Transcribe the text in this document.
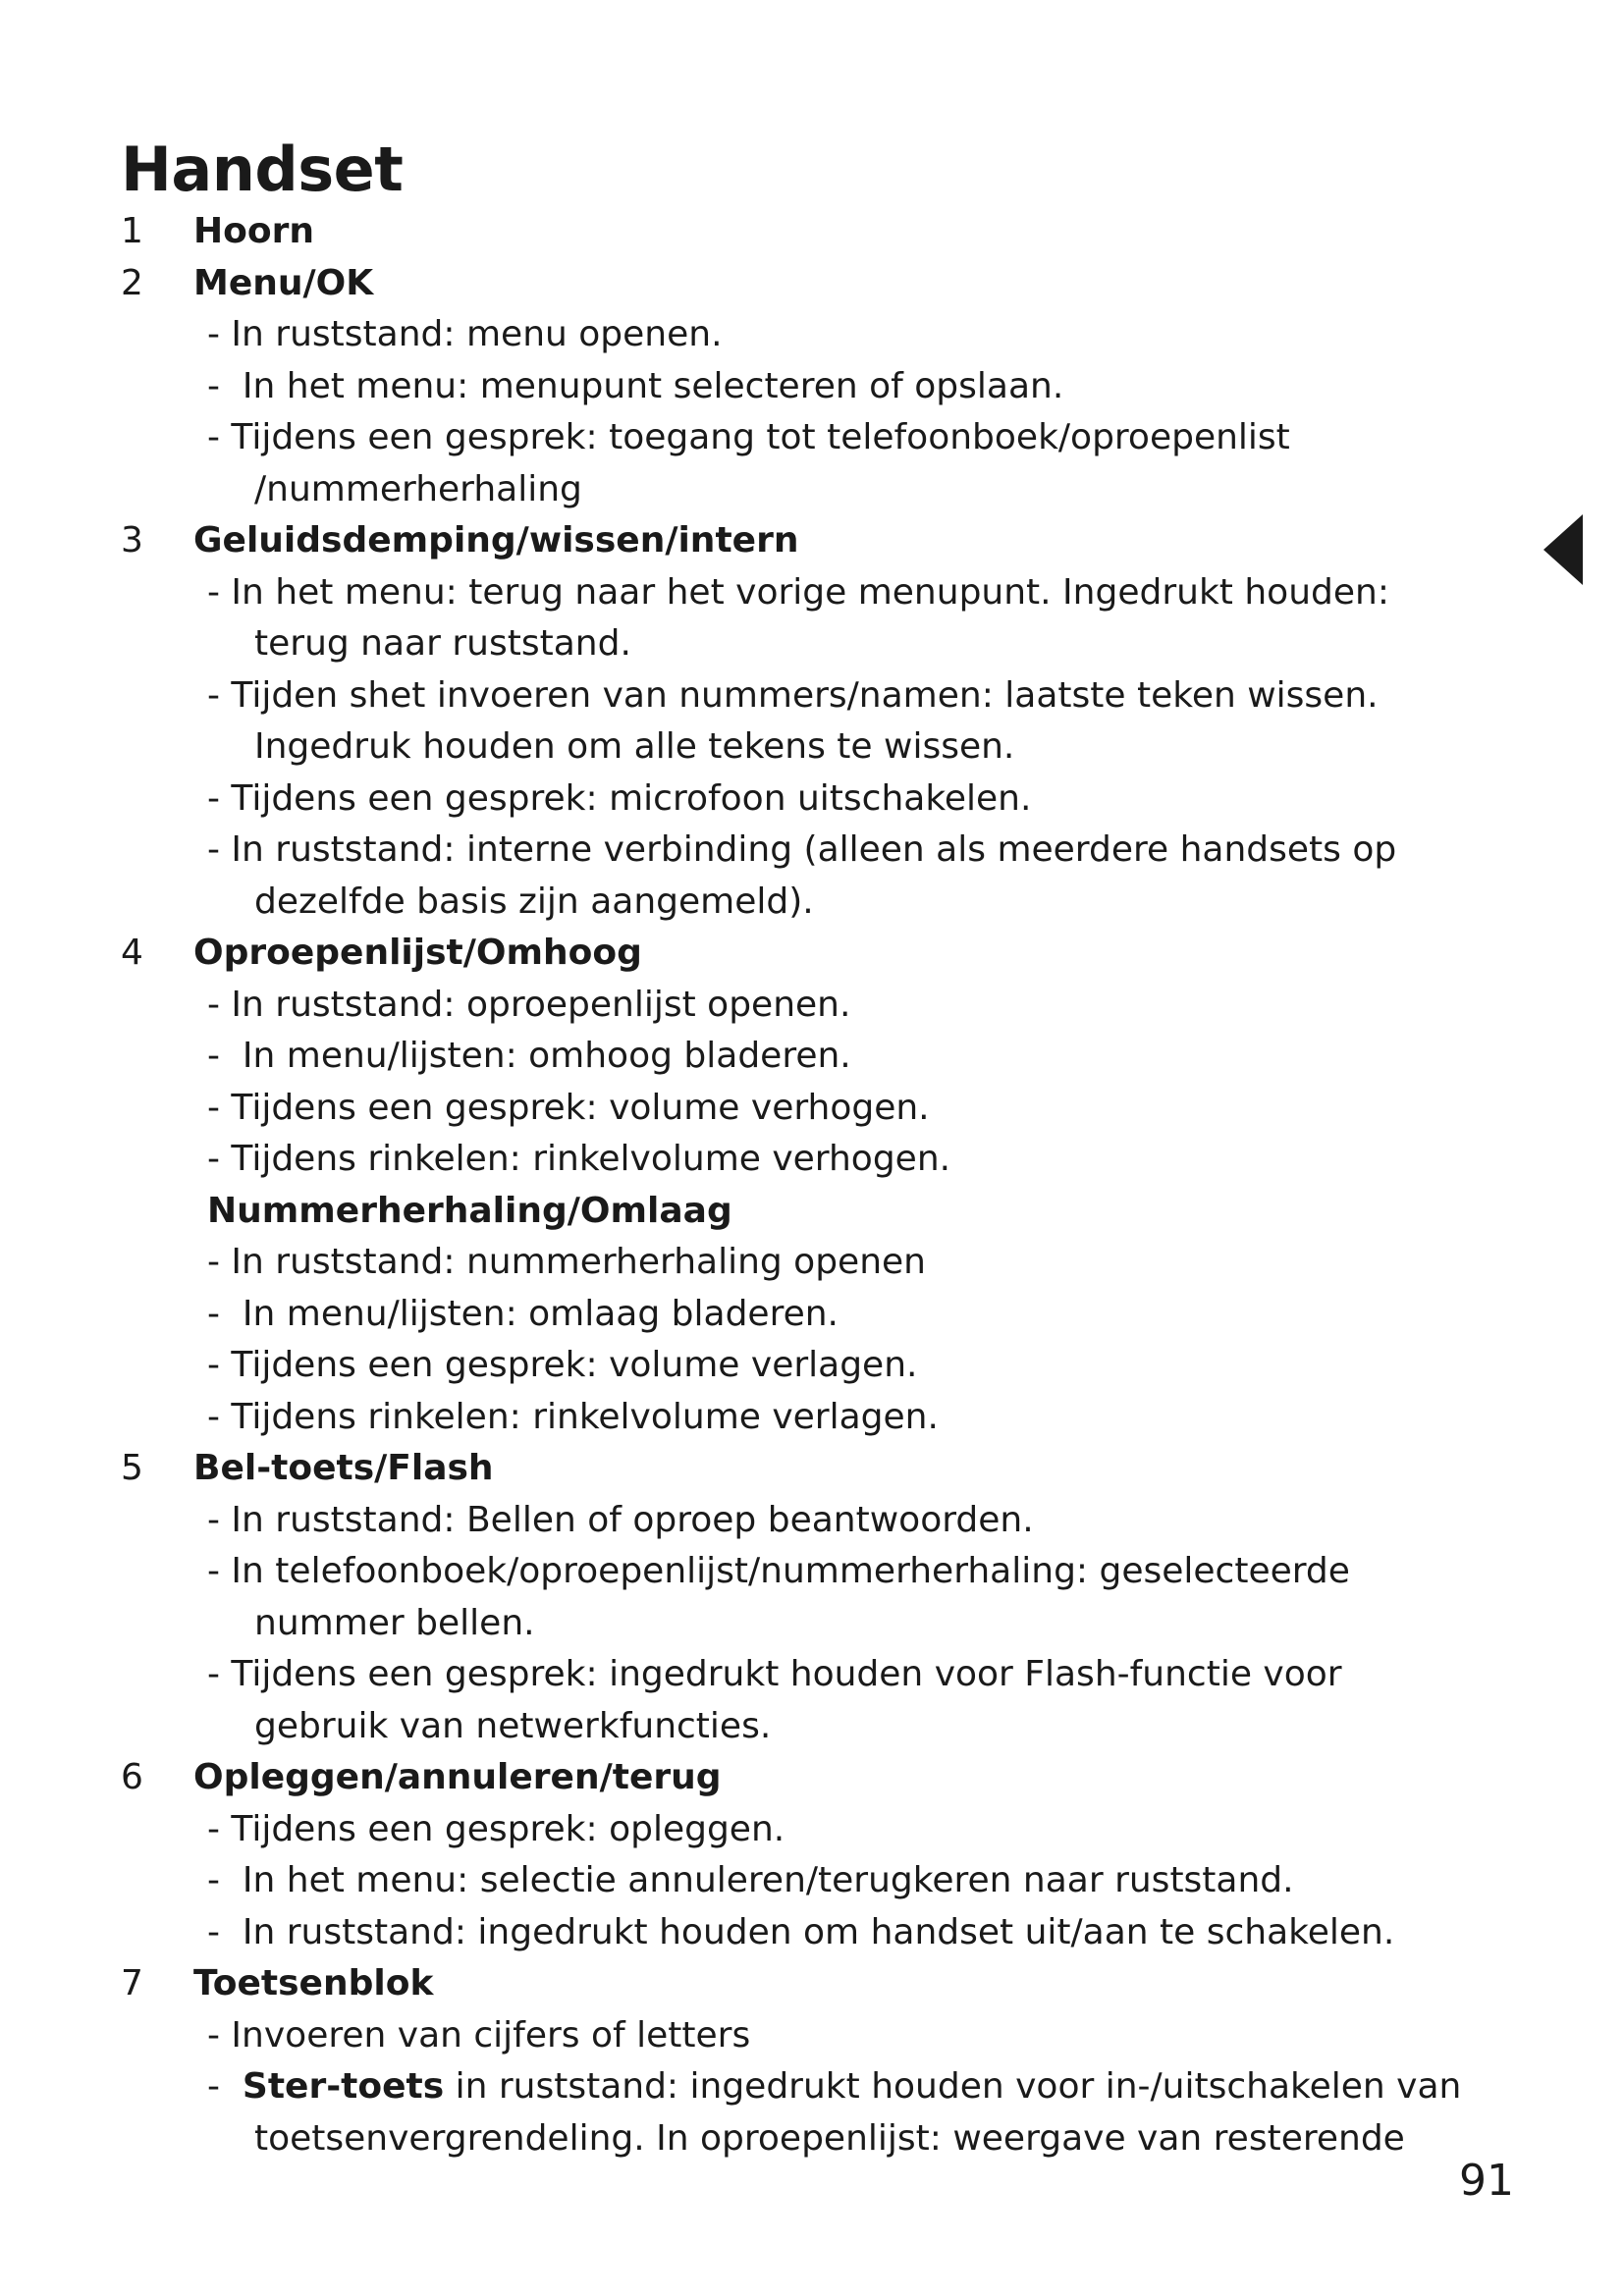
Handset
1 Hoorn
2 Menu/OK
- In ruststand: menu openen.
-  In het menu: menupunt selecteren of opslaan.
- Tijdens een gesprek: toegang tot telefoonboek/oproepenlist
/nummerherhaling
3 Geluidsdemping/wissen/intern
- In het menu: terug naar het vorige menupunt. Ingedrukt houden:
terug naar ruststand.
- Tijden shet invoeren van nummers/namen: laatste teken wissen.
Ingedruk houden om alle tekens te wissen.
- Tijdens een gesprek: microfoon uitschakelen.
- In ruststand: interne verbinding (alleen als meerdere handsets op
dezelfde basis zijn aangemeld).
4 Oproepenlijst/Omhoog
- In ruststand: oproepenlijst openen.
-  In menu/lijsten: omhoog bladeren.
- Tijdens een gesprek: volume verhogen.
- Tijdens rinkelen: rinkelvolume verhogen.
Nummerherhaling/Omlaag
- In ruststand: nummerherhaling openen
-  In menu/lijsten: omlaag bladeren.
- Tijdens een gesprek: volume verlagen.
- Tijdens rinkelen: rinkelvolume verlagen.
5 Bel-toets/Flash
- In ruststand: Bellen of oproep beantwoorden.
- In telefoonboek/oproepenlijst/nummerherhaling: geselecteerde
nummer bellen.
- Tijdens een gesprek: ingedrukt houden voor Flash-functie voor
gebruik van netwerkfuncties.
6 Opleggen/annuleren/terug
- Tijdens een gesprek: opleggen.
-  In het menu: selectie annuleren/terugkeren naar ruststand.
-  In ruststand: ingedrukt houden om handset uit/aan te schakelen.
7 Toetsenblok
- Invoeren van cijfers of letters
-  Ster-toets in ruststand: ingedrukt houden voor in-/uitschakelen van
toetsenvergrendeling. In oproepenlijst: weergave van resterende
91
